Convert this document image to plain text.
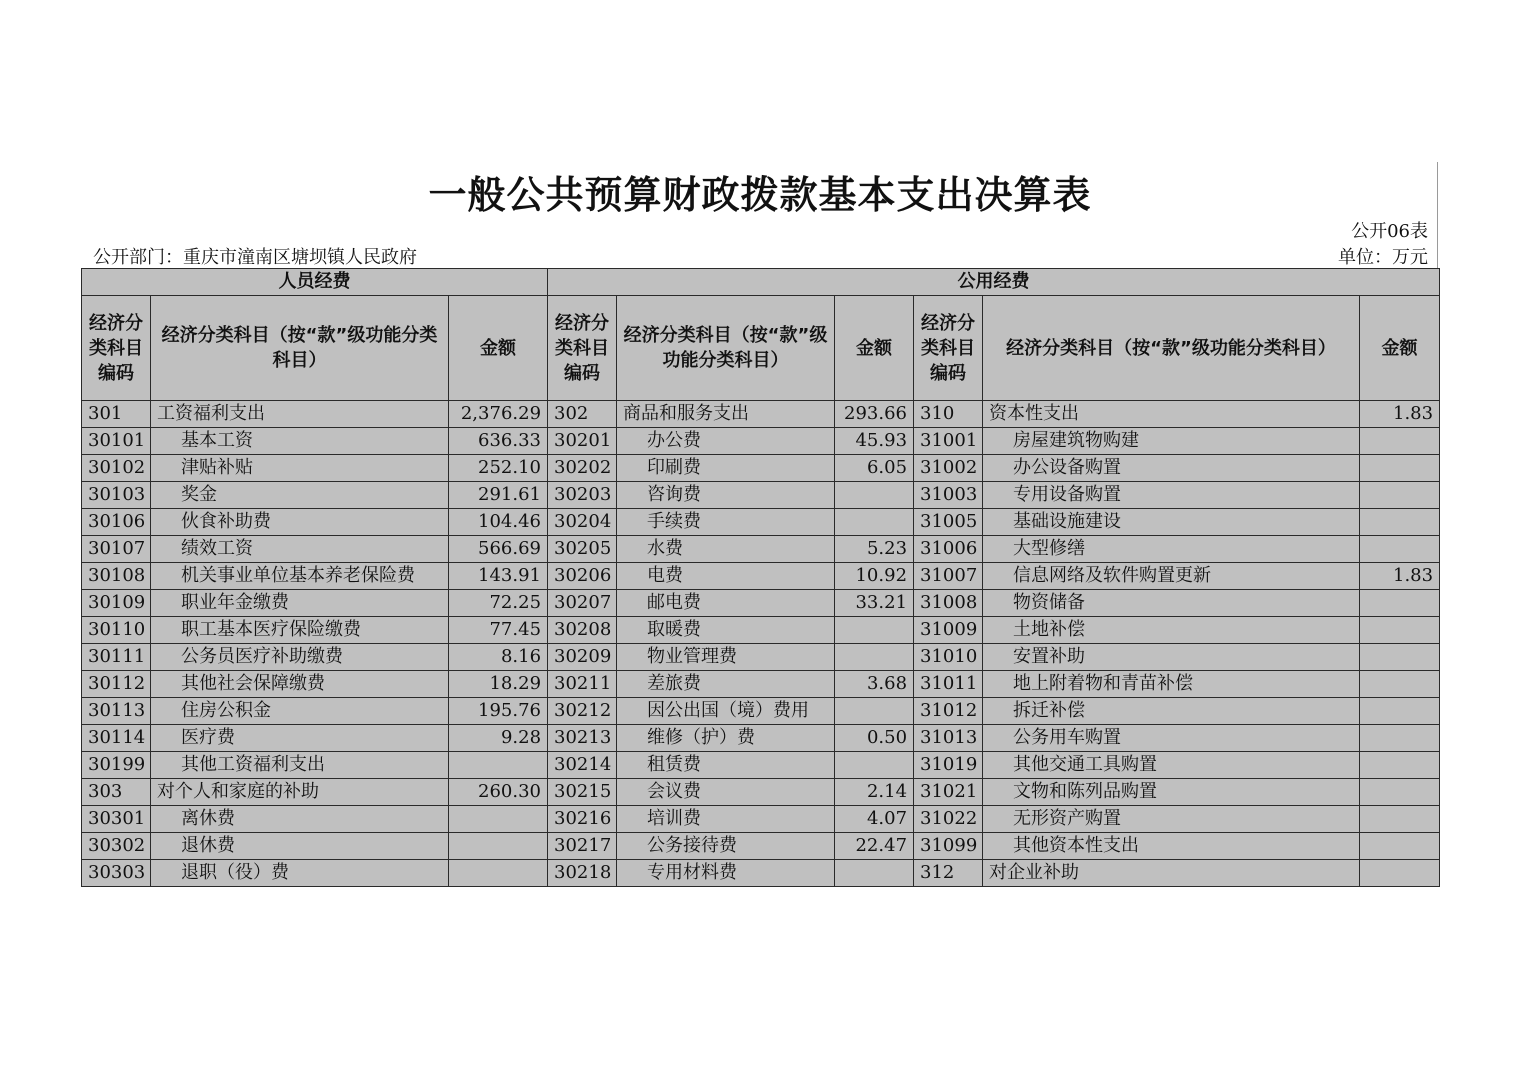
一般公共预算财政拨款基本支出决算表
公开06表
公开部门：重庆市潼南区塘坝镇人民政府	单位：万元
人员经费			公用经费					
经济分类科目编码	经济分类科目（按“款”级功能分类科目）	金额	经济分类科目编码	经济分类科目（按“款”级功能分类科目）	金额	经济分类科目编码	经济分类科目（按“款”级功能分类科目）	金额
301	工资福利支出	2,376.29	302	商品和服务支出	293.66	310	资本性支出	1.83
30101	基本工资	636.33	30201	办公费	45.93	31001	房屋建筑物购建	
30102	津贴补贴	252.10	30202	印刷费	6.05	31002	办公设备购置	
30103	奖金	291.61	30203	咨询费		31003	专用设备购置	
30106	伙食补助费	104.46	30204	手续费		31005	基础设施建设	
30107	绩效工资	566.69	30205	水费	5.23	31006	大型修缮	
30108	机关事业单位基本养老保险费	143.91	30206	电费	10.92	31007	信息网络及软件购置更新	1.83
30109	职业年金缴费	72.25	30207	邮电费	33.21	31008	物资储备	
30110	职工基本医疗保险缴费	77.45	30208	取暖费		31009	土地补偿	
30111	公务员医疗补助缴费	8.16	30209	物业管理费		31010	安置补助	
30112	其他社会保障缴费	18.29	30211	差旅费	3.68	31011	地上附着物和青苗补偿	
30113	住房公积金	195.76	30212	因公出国（境）费用		31012	拆迁补偿	
30114	医疗费	9.28	30213	维修（护）费	0.50	31013	公务用车购置	
30199	其他工资福利支出		30214	租赁费		31019	其他交通工具购置	
303	对个人和家庭的补助	260.30	30215	会议费	2.14	31021	文物和陈列品购置	
30301	离休费		30216	培训费	4.07	31022	无形资产购置	
30302	退休费		30217	公务接待费	22.47	31099	其他资本性支出	
30303	退职（役）费		30218	专用材料费		312	对企业补助	
